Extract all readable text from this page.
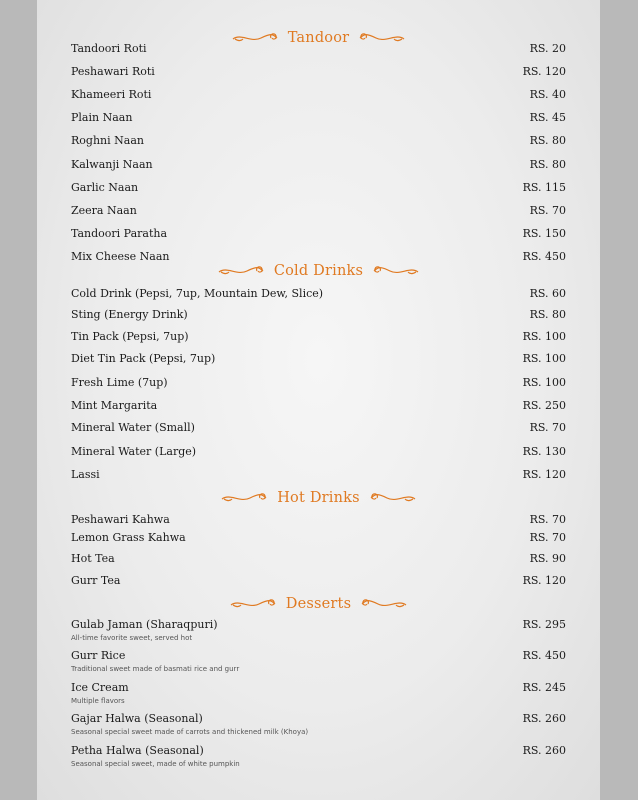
Tandoor
Tandoori Roti	RS. 20
Peshawari Roti	RS. 120
Khameeri Roti	RS. 40
Plain Naan	RS. 45
Roghni Naan	RS. 80
Kalwanji Naan	RS. 80
Garlic Naan	RS. 115
Zeera Naan	RS. 70
Tandoori Paratha	RS. 150
Mix Cheese Naan	RS. 450
Cold Drinks
Cold Drink (Pepsi, 7up, Mountain Dew, Slice)	RS. 60
Sting (Energy Drink)	RS. 80
Tin Pack (Pepsi, 7up)	RS. 100
Diet Tin Pack (Pepsi, 7up)	RS. 100
Fresh Lime (7up)	RS. 100
Mint Margarita	RS. 250
Mineral Water (Small)	RS. 70
Mineral Water (Large)	RS. 130
Lassi	RS. 120
Hot Drinks
Peshawari Kahwa	RS. 70
Lemon Grass Kahwa	RS. 70
Hot Tea	RS. 90
Gurr Tea	RS. 120
Desserts
Gulab Jaman (Sharaqpuri)	RS. 295
All-time favorite sweet, served hot
Gurr Rice	RS. 450
Traditional sweet made of basmati rice and gurr
Ice Cream	RS. 245
Multiple flavors
Gajar Halwa (Seasonal)	RS. 260
Seasonal special sweet made of carrots and thickened milk (Khoya)
Petha Halwa (Seasonal)	RS. 260
Seasonal special sweet, made of white pumpkin
